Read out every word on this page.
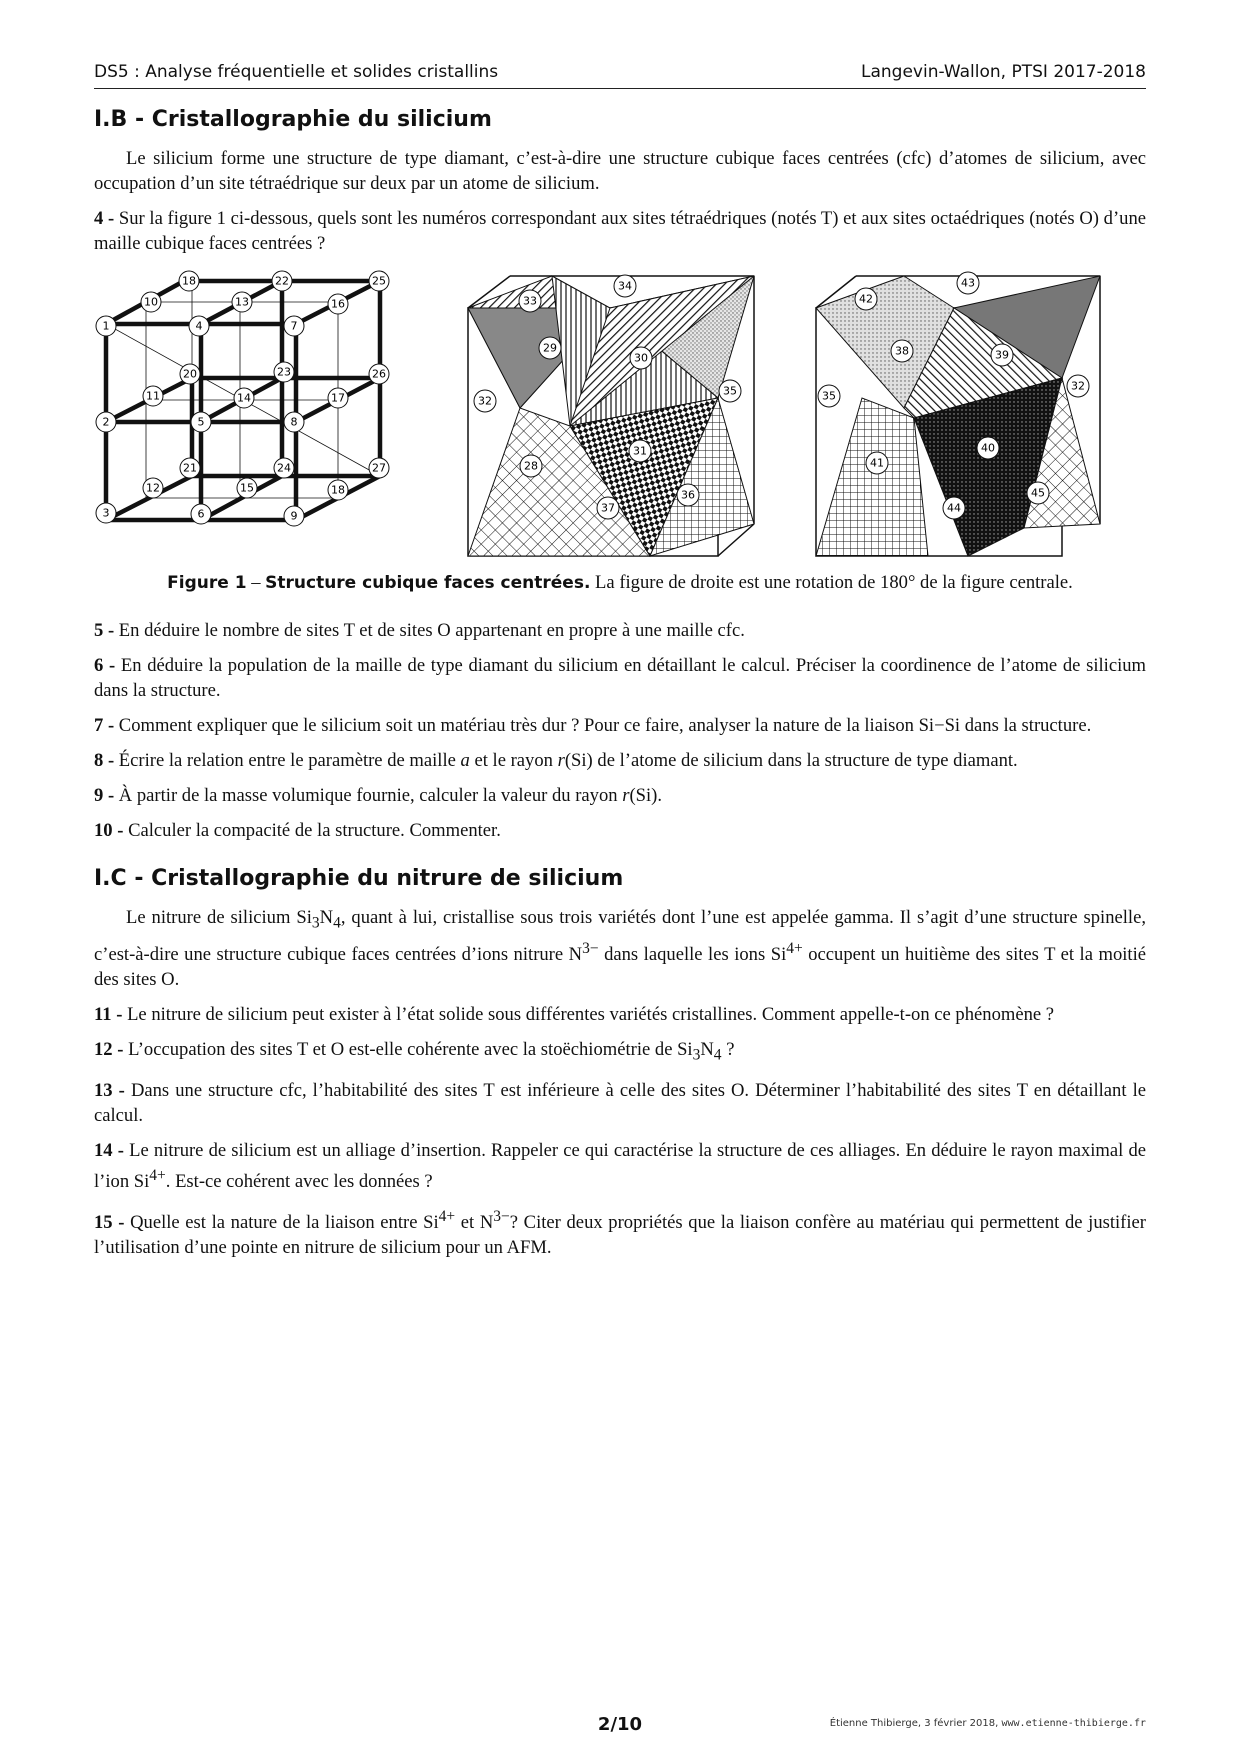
DS5 : Analyse fréquentielle et solides cristallins	Langevin-Wallon, PTSI 2017-2018
I.B - Cristallographie du silicium

Le silicium forme une structure de type diamant, c’est-à-dire une structure cubique faces centrées (cfc) d’atomes de silicium, avec occupation d’un site tétraédrique sur deux par un atome de silicium.

4 - Sur la figure 1 ci-dessous, quels sont les numéros correspondant aux sites tétraédriques (notés T) et aux sites octaédriques (notés O) d’une maille cubique faces centrées ?

18	22	25
10	13	16
1	4	7
20	23	26
11	14	17
2	5	8
21	24	27
12	15	18
3	6	9
34
33
29
30
32
35
28
31
36
37
43
42
38	39
35
32
41
40
45
44
Figure 1 – Structure cubique faces centrées. La figure de droite est une rotation de 180° de la figure centrale.

5 - En déduire le nombre de sites T et de sites O appartenant en propre à une maille cfc.

6 - En déduire la population de la maille de type diamant du silicium en détaillant le calcul. Préciser la coordinence de l’atome de silicium dans la structure.

7 - Comment expliquer que le silicium soit un matériau très dur ? Pour ce faire, analyser la nature de la liaison Si−Si dans la structure.

8 - Écrire la relation entre le paramètre de maille a et le rayon r(Si) de l’atome de silicium dans la structure de type diamant.

9 - À partir de la masse volumique fournie, calculer la valeur du rayon r(Si).

10 - Calculer la compacité de la structure. Commenter.

I.C - Cristallographie du nitrure de silicium

Le nitrure de silicium $Si_3N_4$, quant à lui, cristallise sous trois variétés dont l’une est appelée gamma. Il s’agit d’une structure spinelle, c’est-à-dire une structure cubique faces centrées d’ions nitrure $N^{3-}$ dans laquelle les ions $Si^{4+}$ occupent un huitième des sites T et la moitié des sites O.

11 - Le nitrure de silicium peut exister à l’état solide sous différentes variétés cristallines. Comment appelle-t-on ce phénomène ?

12 - L’occupation des sites T et O est-elle cohérente avec la stoëchiométrie de $Si_3N_4$ ?

13 - Dans une structure cfc, l’habitabilité des sites T est inférieure à celle des sites O. Déterminer l’habitabilité des sites T en détaillant le calcul.

14 - Le nitrure de silicium est un alliage d’insertion. Rappeler ce qui caractérise la structure de ces alliages. En déduire le rayon maximal de l’ion $Si^{4+}$. Est-ce cohérent avec les données ?

15 - Quelle est la nature de la liaison entre $Si^{4+}$ et $N^{3-}$? Citer deux propriétés que la liaison confère au matériau qui permettent de justifier l’utilisation d’une pointe en nitrure de silicium pour un AFM.

2/10	Étienne Thibierge, 3 février 2018, www.etienne-thibierge.fr
